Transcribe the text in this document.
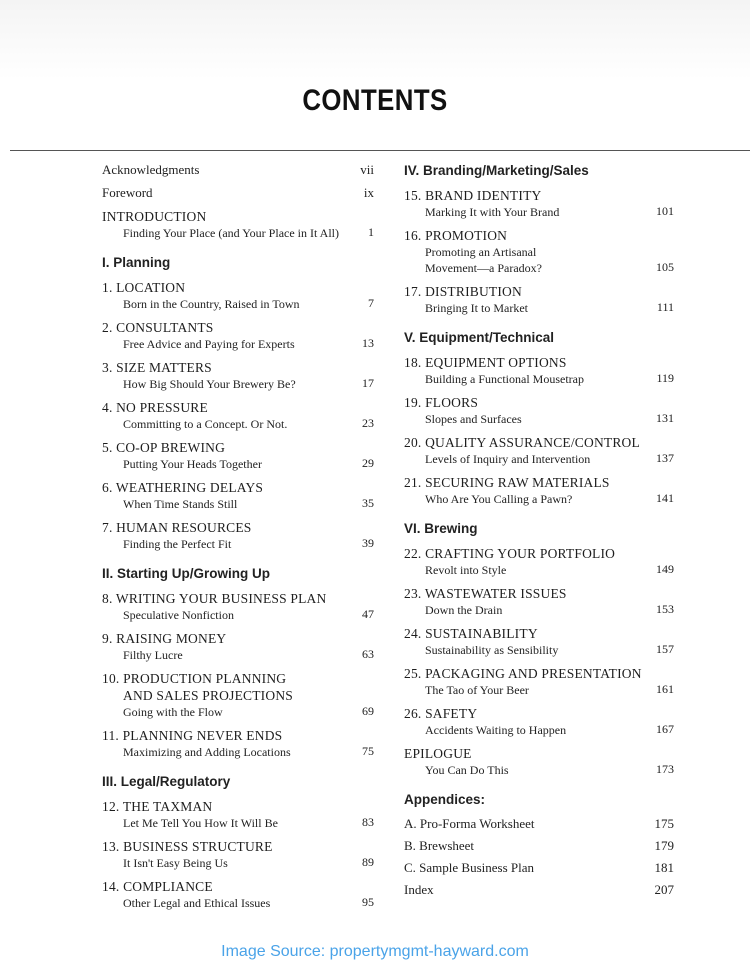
CONTENTS
Acknowledgments	vii
Foreword	ix
INTRODUCTION
Finding Your Place (and Your Place in It All)	1
I. Planning
1. LOCATION
Born in the Country, Raised in Town	7
2. CONSULTANTS
Free Advice and Paying for Experts	13
3. SIZE MATTERS
How Big Should Your Brewery Be?	17
4. NO PRESSURE
Committing to a Concept. Or Not.	23
5. CO-OP BREWING
Putting Your Heads Together	29
6. WEATHERING DELAYS
When Time Stands Still	35
7. HUMAN RESOURCES
Finding the Perfect Fit	39
II. Starting Up/Growing Up
8. WRITING YOUR BUSINESS PLAN
Speculative Nonfiction	47
9. RAISING MONEY
Filthy Lucre	63
10. PRODUCTION PLANNING
AND SALES PROJECTIONS
Going with the Flow	69
11. PLANNING NEVER ENDS
Maximizing and Adding Locations	75
III. Legal/Regulatory
12. THE TAXMAN
Let Me Tell You How It Will Be	83
13. BUSINESS STRUCTURE
It Isn't Easy Being Us	89
14. COMPLIANCE
Other Legal and Ethical Issues	95
IV. Branding/Marketing/Sales
15. BRAND IDENTITY
Marking It with Your Brand	101
16. PROMOTION
Promoting an Artisanal
Movement—a Paradox?	105
17. DISTRIBUTION
Bringing It to Market	111
V. Equipment/Technical
18. EQUIPMENT OPTIONS
Building a Functional Mousetrap	119
19. FLOORS
Slopes and Surfaces	131
20. QUALITY ASSURANCE/CONTROL
Levels of Inquiry and Intervention	137
21. SECURING RAW MATERIALS
Who Are You Calling a Pawn?	141
VI. Brewing
22. CRAFTING YOUR PORTFOLIO
Revolt into Style	149
23. WASTEWATER ISSUES
Down the Drain	153
24. SUSTAINABILITY
Sustainability as Sensibility	157
25. PACKAGING AND PRESENTATION
The Tao of Your Beer	161
26. SAFETY
Accidents Waiting to Happen	167
EPILOGUE
You Can Do This	173
Appendices:
A. Pro-Forma Worksheet	175
B. Brewsheet	179
C. Sample Business Plan	181
Index	207
Image Source: propertymgmt-hayward.com
